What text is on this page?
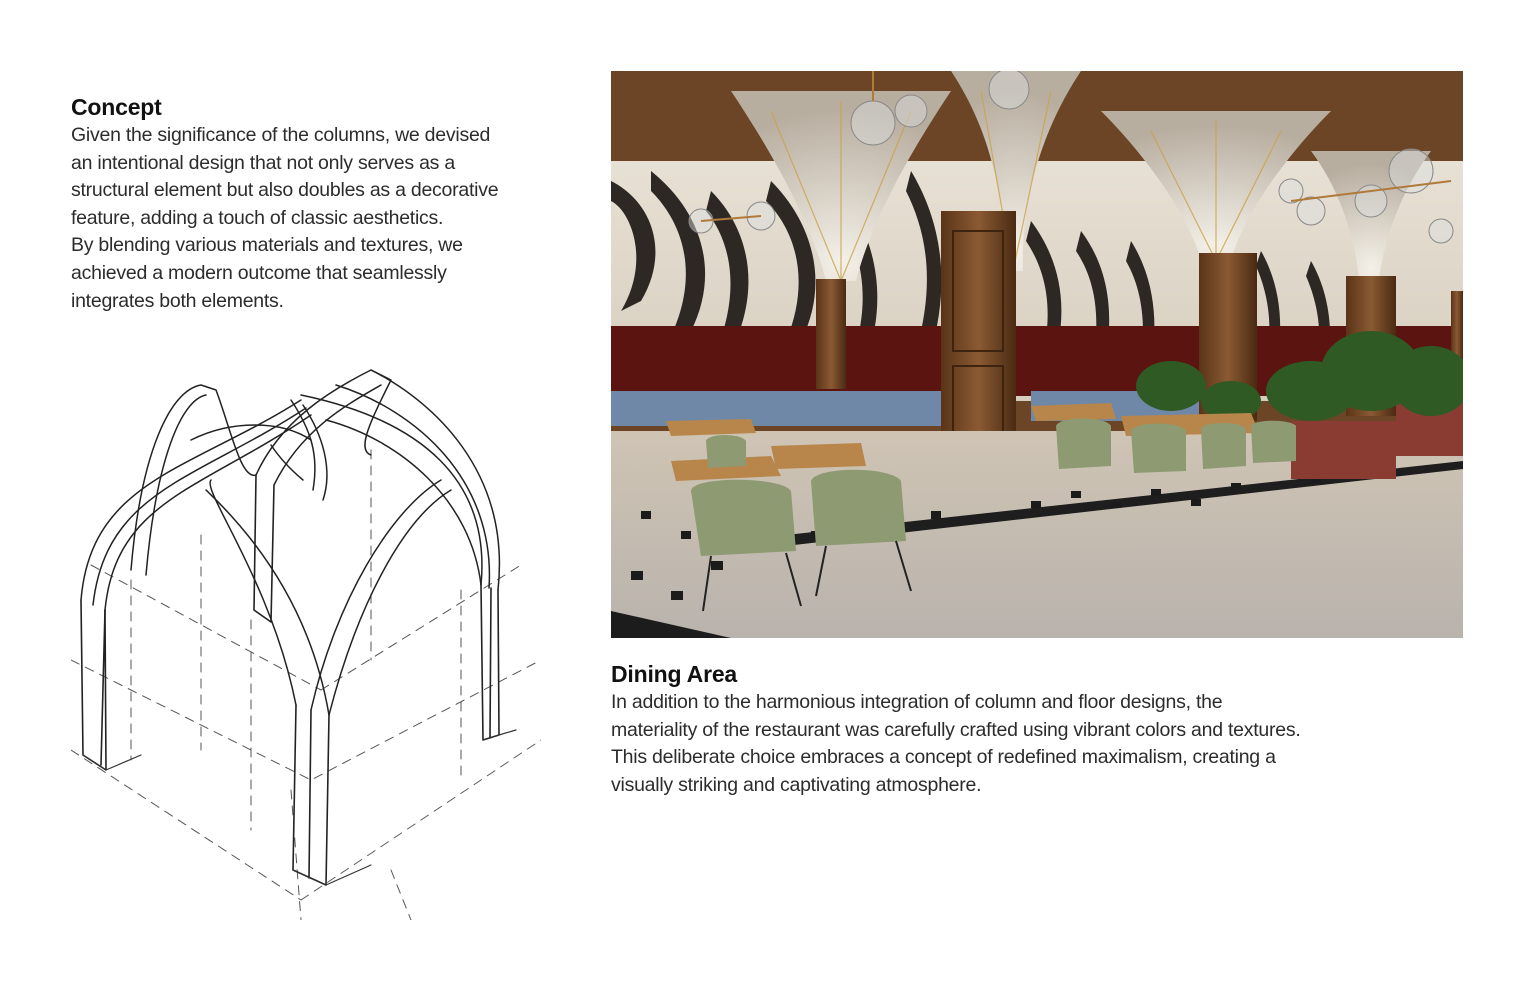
Concept

Given the significance of the columns, we devised
an intentional design that not only serves as a
structural element but also doubles as a decorative
feature, adding a touch of classic aesthetics.
By blending various materials and textures, we
achieved a modern outcome that seamlessly
integrates both elements.

Dining Area

In addition to the harmonious integration of column and floor designs, the
materiality of the restaurant was carefully crafted using vibrant colors and textures.
This deliberate choice embraces a concept of redefined maximalism, creating a
visually striking and captivating atmosphere.
